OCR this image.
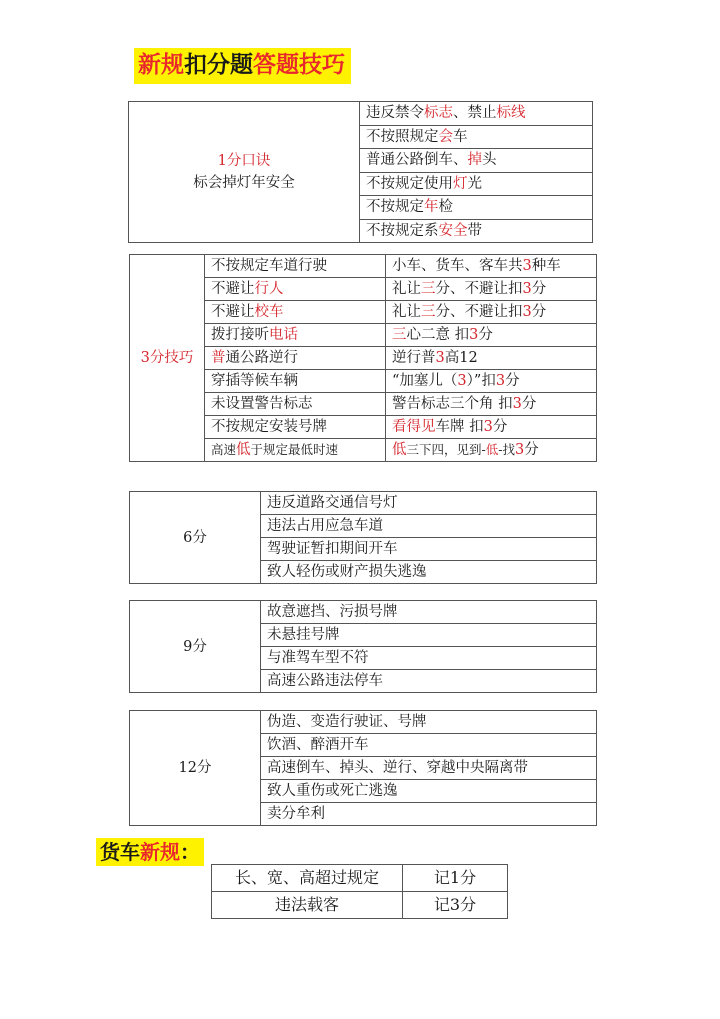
新规扣分题答题技巧
1分口诀
标会掉灯年安全
	违反禁令标志、禁止标线
不按照规定会车
普通公路倒车、掉头
不按规定使用灯光
不按规定年检
不按规定系安全带
3分技巧	不按规定车道行驶	小车、货车、客车共3种车
	不避让行人	礼让三分、不避让扣3分
	不避让校车	礼让三分、不避让扣3分
	拨打接听电话	三心二意 扣3分
	普通公路逆行	逆行普3高12
	穿插等候车辆	“加塞儿（3）”扣3分
	未设置警告标志	警告标志三个角 扣3分
	不按规定安装号牌	看得见车牌 扣3分
	高速低于规定最低时速	低三下四，见到-低-找3分
6分	违反道路交通信号灯
违法占用应急车道
驾驶证暂扣期间开车
致人轻伤或财产损失逃逸
9分	故意遮挡、污损号牌
未悬挂号牌
与准驾车型不符
高速公路违法停车
12分	伪造、变造行驶证、号牌
饮酒、醉酒开车
高速倒车、掉头、逆行、穿越中央隔离带
致人重伤或死亡逃逸
卖分牟利
货车新规：
长、宽、高超过规定	记1分
违法载客	记3分
